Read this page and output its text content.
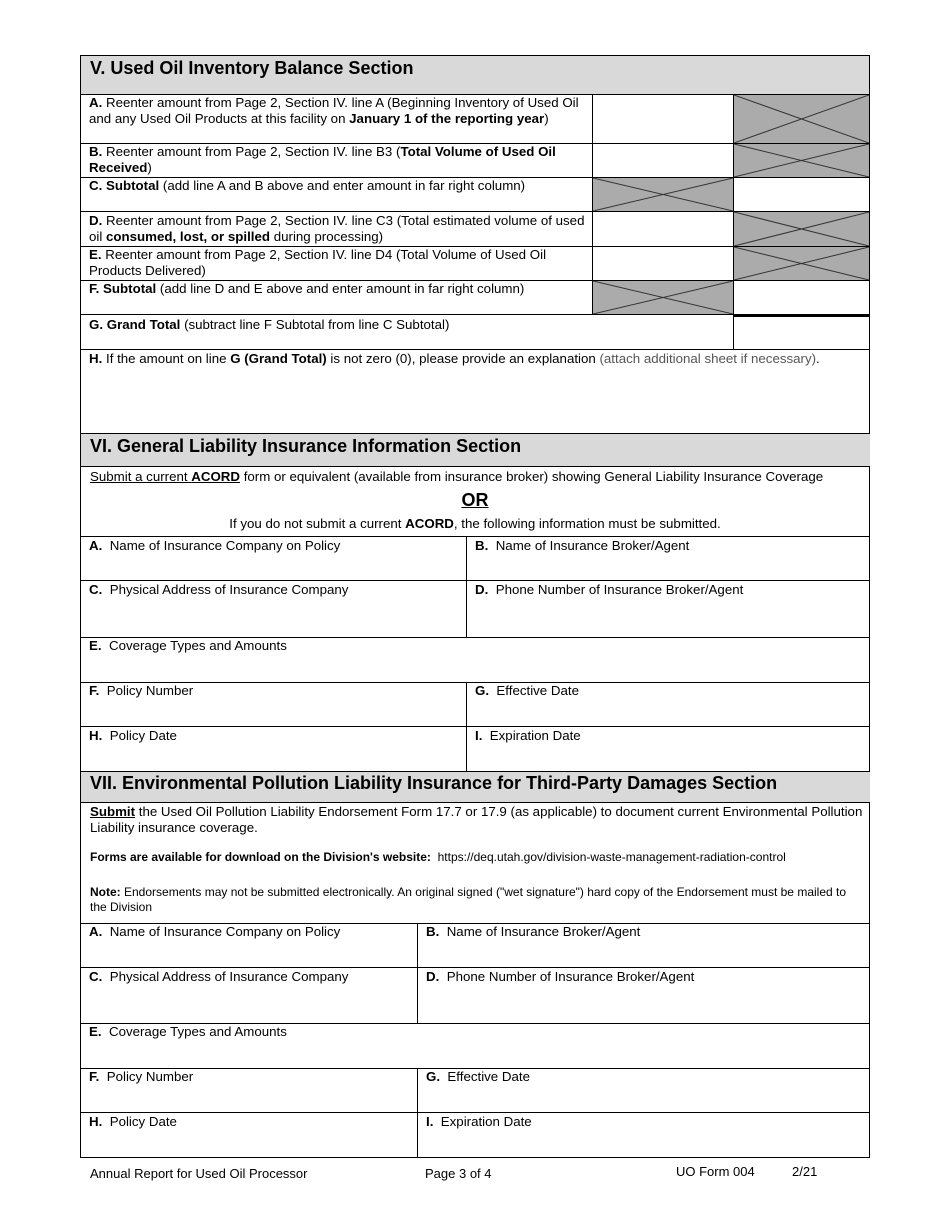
V. Used Oil Inventory Balance Section
A. Reenter amount from Page 2, Section IV. line A (Beginning Inventory of Used Oil and any Used Oil Products at this facility on January 1 of the reporting year)
B. Reenter amount from Page 2, Section IV. line B3 (Total Volume of Used Oil Received)
C. Subtotal (add line A and B above and enter amount in far right column)
D. Reenter amount from Page 2, Section IV. line C3 (Total estimated volume of used oil consumed, lost, or spilled during processing)
E. Reenter amount from Page 2, Section IV. line D4 (Total Volume of Used Oil Products Delivered)
F. Subtotal (add line D and E above and enter amount in far right column)
G. Grand Total (subtract line F Subtotal from line C Subtotal)
H. If the amount on line G (Grand Total) is not zero (0), please provide an explanation (attach additional sheet if necessary).
VI. General Liability Insurance Information Section
Submit a current ACORD form or equivalent (available from insurance broker) showing General Liability Insurance Coverage
OR
If you do not submit a current ACORD, the following information must be submitted.
A.  Name of Insurance Company on Policy	B.  Name of Insurance Broker/Agent
C.  Physical Address of Insurance Company	D.  Phone Number of Insurance Broker/Agent
E.  Coverage Types and Amounts
F.  Policy Number	G.  Effective Date
H.  Policy Date	I.  Expiration Date
VII. Environmental Pollution Liability Insurance for Third-Party Damages Section
Submit the Used Oil Pollution Liability Endorsement Form 17.7 or 17.9 (as applicable) to document current Environmental Pollution Liability insurance coverage.
Forms are available for download on the Division's website:  https://deq.utah.gov/division-waste-management-radiation-control
Note: Endorsements may not be submitted electronically. An original signed ("wet signature") hard copy of the Endorsement must be mailed to the Division
A.  Name of Insurance Company on Policy	B.  Name of Insurance Broker/Agent
C.  Physical Address of Insurance Company	D.  Phone Number of Insurance Broker/Agent
E.  Coverage Types and Amounts
F.  Policy Number	G.  Effective Date
H.  Policy Date	I.  Expiration Date
Annual Report for Used Oil Processor	Page 3 of 4	UO Form 004	2/21
